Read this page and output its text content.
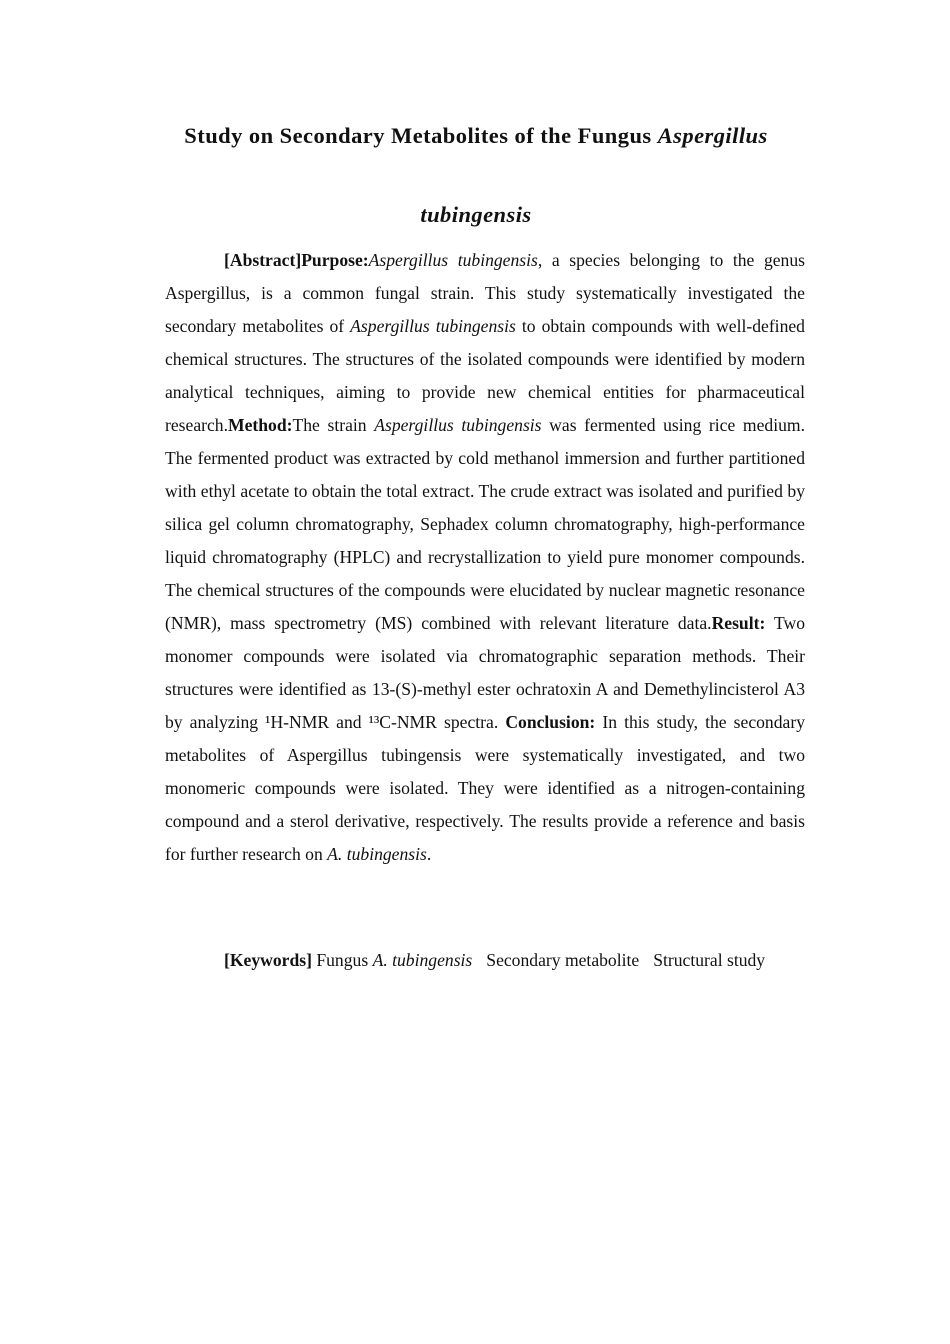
Study on Secondary Metabolites of the Fungus Aspergillus
tubingensis

[Abstract]Purpose:Aspergillus tubingensis, a species belonging to the genus Aspergillus, is a common fungal strain. This study systematically investigated the secondary metabolites of Aspergillus tubingensis to obtain compounds with well-defined chemical structures. The structures of the isolated compounds were identified by modern analytical techniques, aiming to provide new chemical entities for pharmaceutical research.Method:The strain Aspergillus tubingensis was fermented using rice medium. The fermented product was extracted by cold methanol immersion and further partitioned with ethyl acetate to obtain the total extract. The crude extract was isolated and purified by silica gel column chromatography, Sephadex column chromatography, high-performance liquid chromatography (HPLC) and recrystallization to yield pure monomer compounds. The chemical structures of the compounds were elucidated by nuclear magnetic resonance (NMR), mass spectrometry (MS) combined with relevant literature data.Result: Two monomer compounds were isolated via chromatographic separation methods. Their structures were identified as 13-(S)-methyl ester ochratoxin A and Demethylincisterol A3 by analyzing ¹H-NMR and ¹³C-NMR spectra. Conclusion: In this study, the secondary metabolites of Aspergillus tubingensis were systematically investigated, and two monomeric compounds were isolated. They were identified as a nitrogen-containing compound and a sterol derivative, respectively. The results provide a reference and basis for further research on A. tubingensis.

[Keywords] Fungus A. tubingensis Secondary metabolite Structural study
